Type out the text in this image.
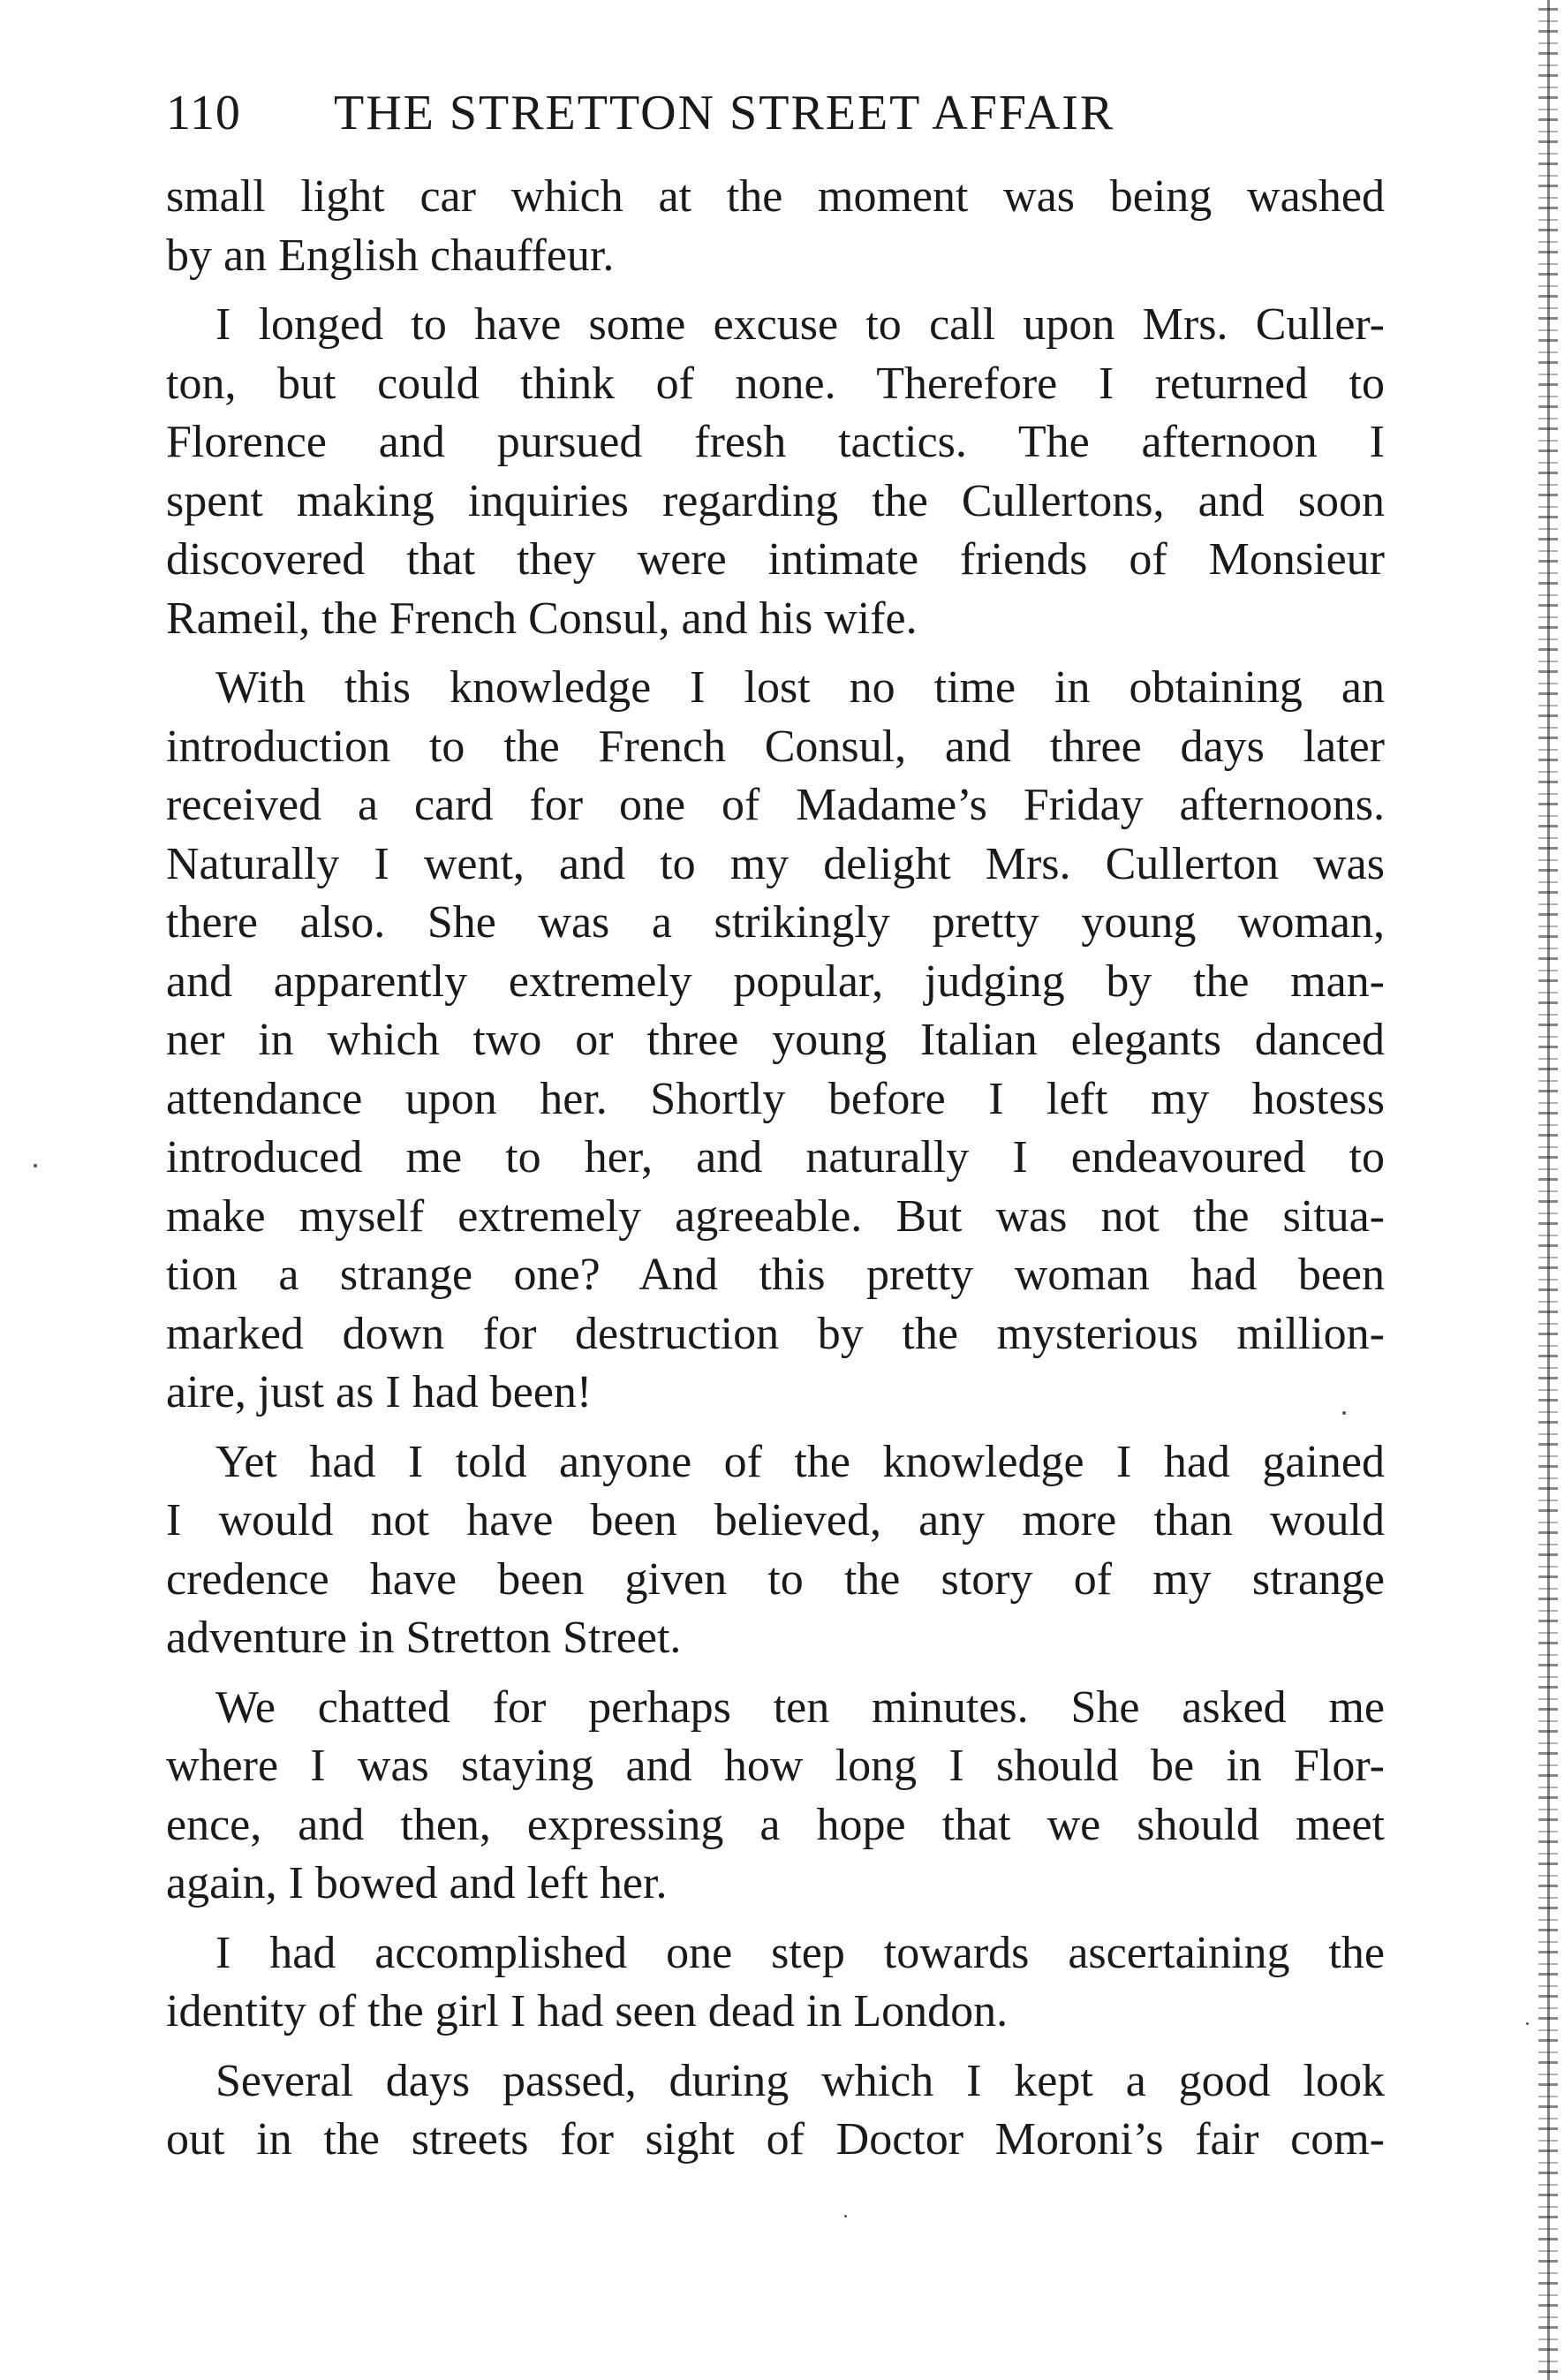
110 THE STRETTON STREET AFFAIR
small light car which at the moment was being washed
by an English chauffeur.
I longed to have some excuse to call upon Mrs. Culler-
ton, but could think of none. Therefore I returned to
Florence and pursued fresh tactics. The afternoon I
spent making inquiries regarding the Cullertons, and soon
discovered that they were intimate friends of Monsieur
Rameil, the French Consul, and his wife.
With this knowledge I lost no time in obtaining an
introduction to the French Consul, and three days later
received a card for one of Madame’s Friday afternoons.
Naturally I went, and to my delight Mrs. Cullerton was
there also. She was a strikingly pretty young woman,
and apparently extremely popular, judging by the man-
ner in which two or three young Italian elegants danced
attendance upon her. Shortly before I left my hostess
introduced me to her, and naturally I endeavoured to
make myself extremely agreeable. But was not the situa-
tion a strange one? And this pretty woman had been
marked down for destruction by the mysterious million-
aire, just as I had been!
Yet had I told anyone of the knowledge I had gained
I would not have been believed, any more than would
credence have been given to the story of my strange
adventure in Stretton Street.
We chatted for perhaps ten minutes. She asked me
where I was staying and how long I should be in Flor-
ence, and then, expressing a hope that we should meet
again, I bowed and left her.
I had accomplished one step towards ascertaining the
identity of the girl I had seen dead in London.
Several days passed, during which I kept a good look
out in the streets for sight of Doctor Moroni’s fair com-
